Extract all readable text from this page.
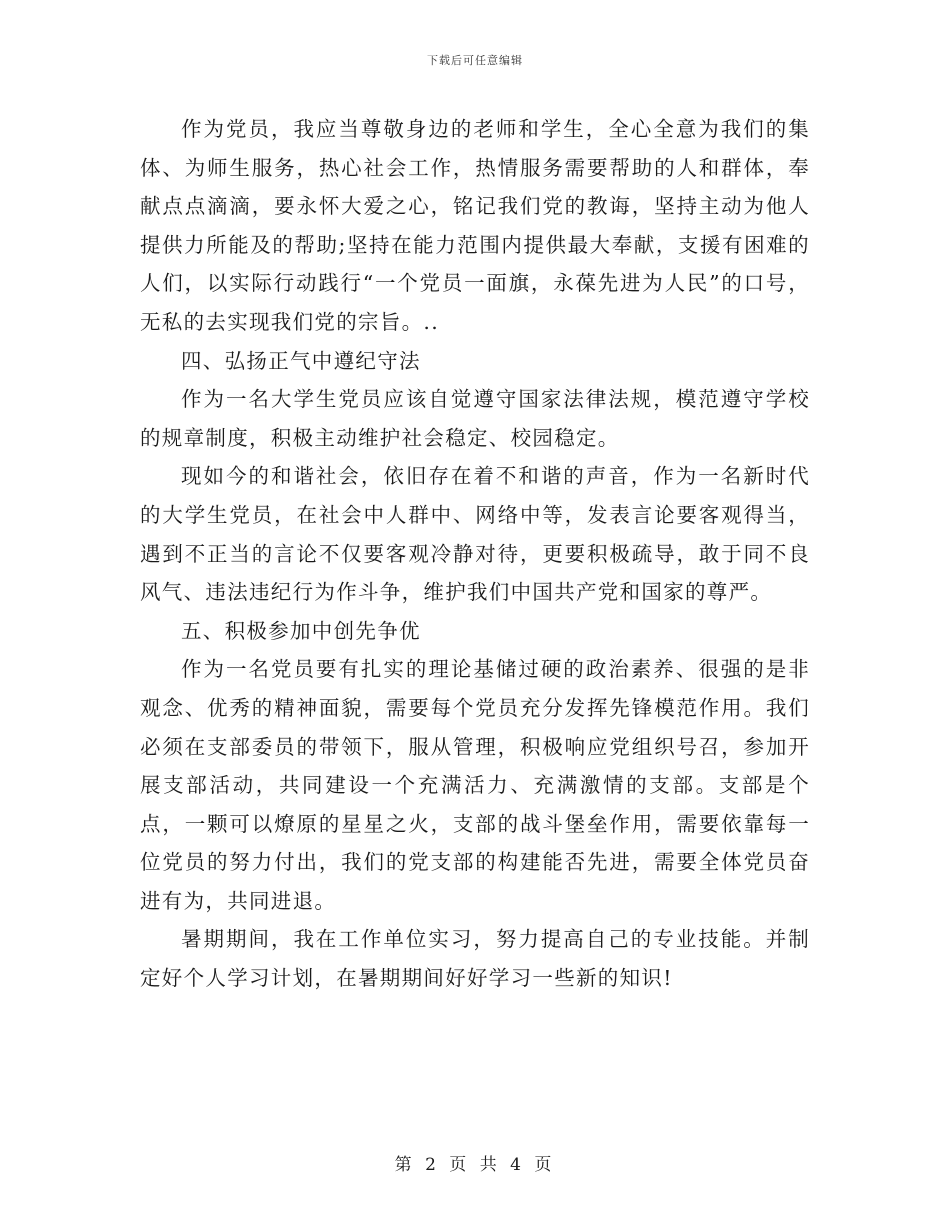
下载后可任意编辑

作为党员，我应当尊敬身边的老师和学生，全心全意为我们的集体、为师生服务，热心社会工作，热情服务需要帮助的人和群体，奉献点点滴滴，要永怀大爱之心，铭记我们党的教诲，坚持主动为他人提供力所能及的帮助;坚持在能力范围内提供最大奉献，支援有困难的人们，以实际行动践行“一个党员一面旗，永葆先进为人民”的口号，无私的去实现我们党的宗旨。..

四、弘扬正气中遵纪守法

作为一名大学生党员应该自觉遵守国家法律法规，模范遵守学校的规章制度，积极主动维护社会稳定、校园稳定。

现如今的和谐社会，依旧存在着不和谐的声音，作为一名新时代的大学生党员，在社会中人群中、网络中等，发表言论要客观得当，遇到不正当的言论不仅要客观冷静对待，更要积极疏导，敢于同不良风气、违法违纪行为作斗争，维护我们中国共产党和国家的尊严。

五、积极参加中创先争优

作为一名党员要有扎实的理论基储过硬的政治素养、很强的是非观念、优秀的精神面貌，需要每个党员充分发挥先锋模范作用。我们必须在支部委员的带领下，服从管理，积极响应党组织号召，参加开展支部活动，共同建设一个充满活力、充满激情的支部。支部是个点，一颗可以燎原的星星之火，支部的战斗堡垒作用，需要依靠每一位党员的努力付出，我们的党支部的构建能否先进，需要全体党员奋进有为，共同进退。

暑期期间，我在工作单位实习，努力提高自己的专业技能。并制定好个人学习计划，在暑期期间好好学习一些新的知识!

第 2 页 共 4 页
